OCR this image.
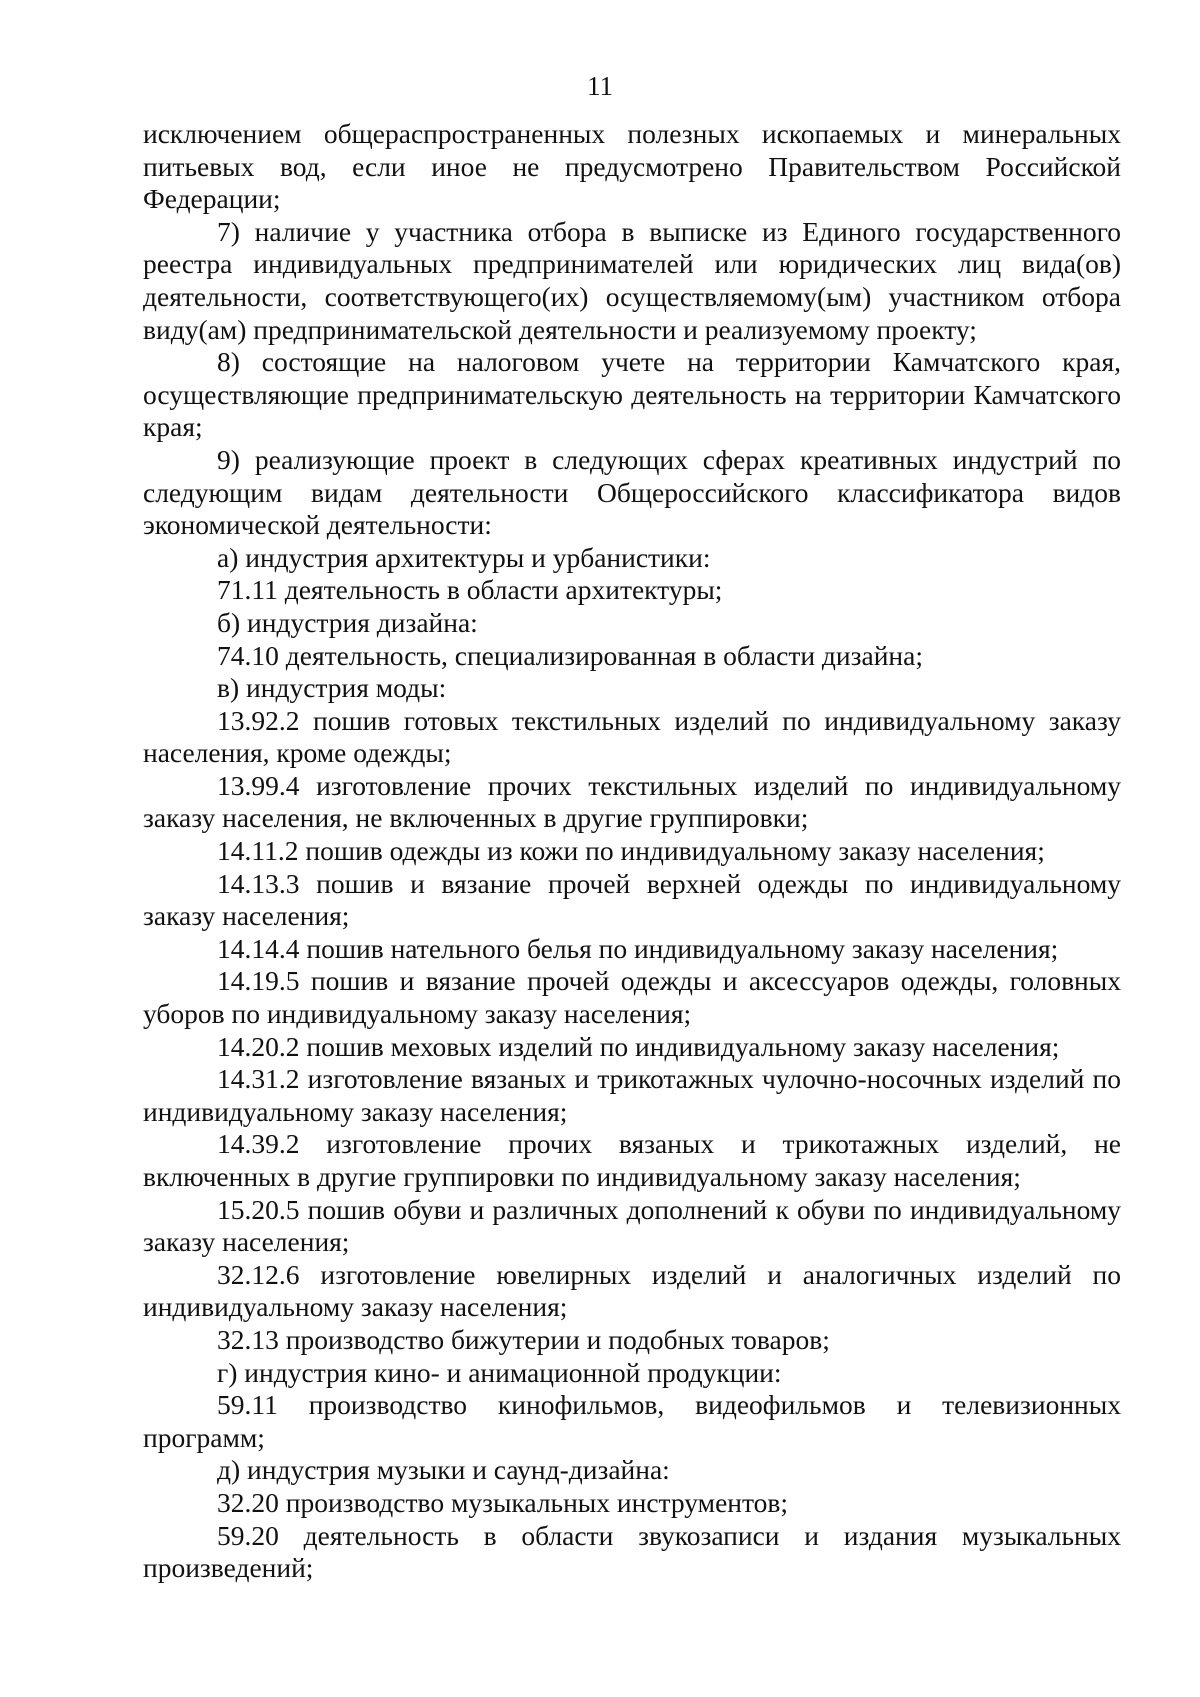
11

исключением общераспространенных полезных ископаемых и минеральных питьевых вод, если иное не предусмотрено Правительством Российской Федерации;

7) наличие у участника отбора в выписке из Единого государственного реестра индивидуальных предпринимателей или юридических лиц вида(ов) деятельности, соответствующего(их) осуществляемому(ым) участником отбора виду(ам) предпринимательской деятельности и реализуемому проекту;

8) состоящие на налоговом учете на территории Камчатского края, осуществляющие предпринимательскую деятельность на территории Камчатского края;

9) реализующие проект в следующих сферах креативных индустрий по следующим видам деятельности Общероссийского классификатора видов экономической деятельности:

а) индустрия архитектуры и урбанистики:

71.11 деятельность в области архитектуры;

б) индустрия дизайна:

74.10 деятельность, специализированная в области дизайна;

в) индустрия моды:

13.92.2 пошив готовых текстильных изделий по индивидуальному заказу населения, кроме одежды;

13.99.4 изготовление прочих текстильных изделий по индивидуальному заказу населения, не включенных в другие группировки;

14.11.2 пошив одежды из кожи по индивидуальному заказу населения;

14.13.3 пошив и вязание прочей верхней одежды по индивидуальному заказу населения;

14.14.4 пошив нательного белья по индивидуальному заказу населения;

14.19.5 пошив и вязание прочей одежды и аксессуаров одежды, головных уборов по индивидуальному заказу населения;

14.20.2 пошив меховых изделий по индивидуальному заказу населения;

14.31.2 изготовление вязаных и трикотажных чулочно-носочных изделий по индивидуальному заказу населения;

14.39.2 изготовление прочих вязаных и трикотажных изделий, не включенных в другие группировки по индивидуальному заказу населения;

15.20.5 пошив обуви и различных дополнений к обуви по индивидуальному заказу населения;

32.12.6 изготовление ювелирных изделий и аналогичных изделий по индивидуальному заказу населения;

32.13 производство бижутерии и подобных товаров;

г) индустрия кино- и анимационной продукции:

59.11 производство кинофильмов, видеофильмов и телевизионных программ;

д) индустрия музыки и саунд-дизайна:

32.20 производство музыкальных инструментов;

59.20 деятельность в области звукозаписи и издания музыкальных произведений;
